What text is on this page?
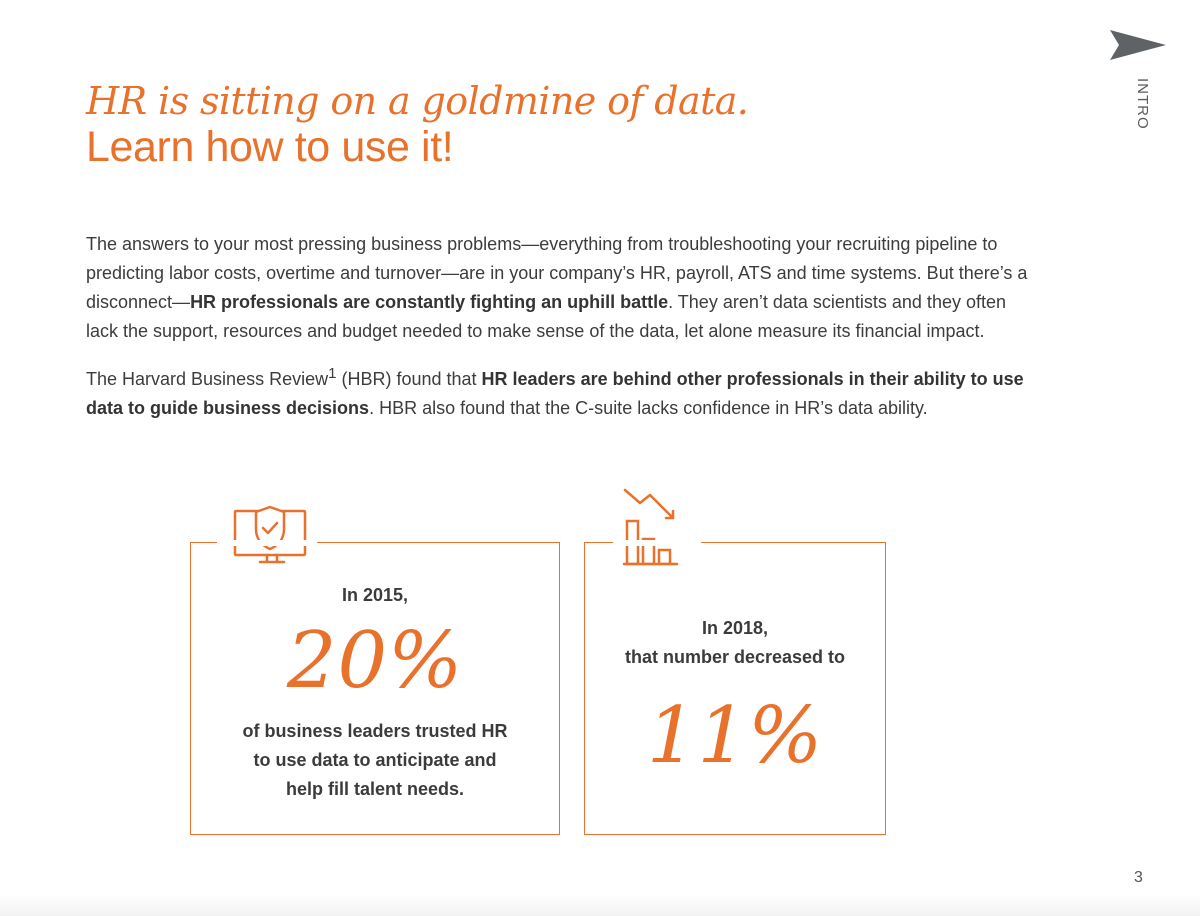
INTRO
HR is sitting on a goldmine of data.
Learn how to use it!

The answers to your most pressing business problems—everything from troubleshooting your recruiting pipeline to predicting labor costs, overtime and turnover—are in your company’s HR, payroll, ATS and time systems. But there’s a disconnect—HR professionals are constantly fighting an uphill battle. They aren’t data scientists and they often lack the support, resources and budget needed to make sense of the data, let alone measure its financial impact.

The Harvard Business Review$^1$ (HBR) found that HR leaders are behind other professionals in their ability to use data to guide business decisions. HBR also found that the C-suite lacks confidence in HR’s data ability.

In 2015,
20%
of business leaders trusted HR
to use data to anticipate and
help fill talent needs.
In 2018,
that number decreased to
11%
3
